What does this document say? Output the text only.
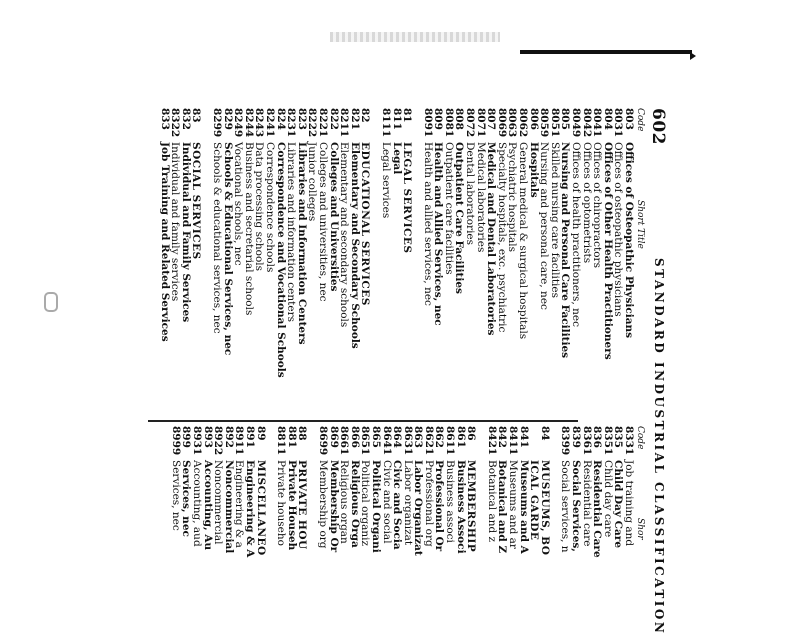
602
STANDARD INDUSTRIAL CLASSIFICATION
Code
Short Title
803
Offices of Osteopathic Physicians
8031
Offices of osteopathic physicians
804
Offices of Other Health Practitioners
8041
Offices of chiropractors
8042
Offices of optometrists
8049
Offices of health practitioners, nec
805
Nursing and Personal Care Facilities
8051
Skilled nursing care facilities
8059
Nursing and personal care, nec
806
Hospitals
8062
General medical & surgical hospitals
8063
Psychiatric hospitals
8069
Specialty hospitals, exc. psychiatric
807
Medical and Dental Laboratories
8071
Medical laboratories
8072
Dental laboratories
808
Outpatient Care Facilities
8081
Outpatient care facilities
809
Health and Allied Services, nec
8091
Health and allied services, nec
81
LEGAL SERVICES
811
Legal
8111
Legal services
82
EDUCATIONAL SERVICES
821
Elementary and Secondary Schools
8211
Elementary and secondary schools
822
Colleges and Universities
8221
Colleges and universities, nec
8222
Junior colleges
823
Libraries and Information Centers
8231
Libraries and information centers
824
Correspondence and Vocational Schools
8241
Correspondence schools
8243
Data processing schools
8244
Business and secretarial schools
8249
Vocational schools, nec
829
Schools & Educational Services, nec
8299
Schools & educational services, nec
83
SOCIAL SERVICES
832
Individual and Family Services
8322
Individual and family services
833
Job Training and Related Services
Code
Shor
8331
Job training and
835
Child Day Care
8351
Child day care
836
Residential Care
8361
Residential care
839
Social Services,
8399
Social services, n
84
MUSEUMS, BO
ICAL GARDE
841
Museums and A
8411
Museums and ar
842
Botanical and Z
8421
Botanical and z
86
MEMBERSHIP
861
Business Associ
8611
Business associ
862
Professional Or
8621
Professional org
863
Labor Organizat
8631
Labor organizat
864
Civic and Socia
8641
Civic and social
865
Political Organi
8651
Political organiz
866
Religious Orga
8661
Religious organ
869
Membership Or
8699
Membership org
88
PRIVATE HOU
881
Private Househ
8811
Private househo
89
MISCELLANEO
891
Engineering & A
8911
Engineering & a
892
Noncommercial
8922
Noncommercial
893
Accounting, Au
8931
Accounting, aud
899
Services, nec
8999
Services, nec
